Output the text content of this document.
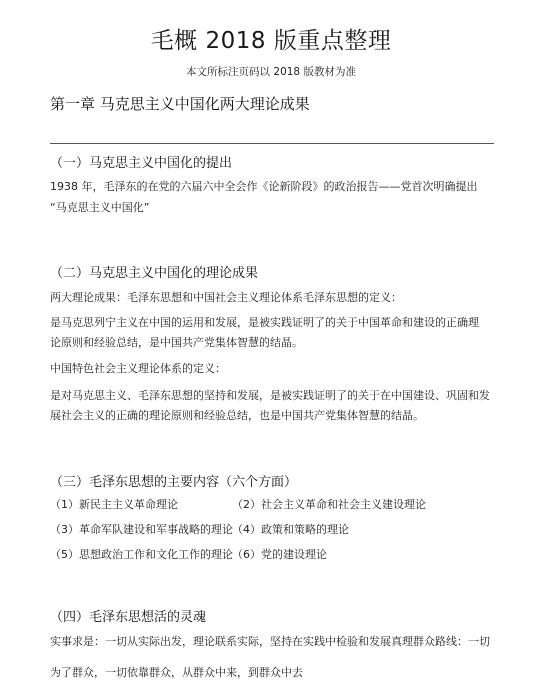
毛概 2018 版重点整理
本文所标注页码以 2018 版教材为准
第一章 马克思主义中国化两大理论成果
（一）马克思主义中国化的提出
1938 年，毛泽东的在党的六届六中全会作《论新阶段》的政治报告——党首次明确提出
“马克思主义中国化”
（二）马克思主义中国化的理论成果
两大理论成果：毛泽东思想和中国社会主义理论体系毛泽东思想的定义：
是马克思列宁主义在中国的运用和发展，是被实践证明了的关于中国革命和建设的正确理
论原则和经验总结，是中国共产党集体智慧的结晶。
中国特色社会主义理论体系的定义：
是对马克思主义、毛泽东思想的坚持和发展，是被实践证明了的关于在中国建设、巩固和发
展社会主义的正确的理论原则和经验总结，也是中国共产党集体智慧的结晶。
（三）毛泽东思想的主要内容（六个方面）
（1）新民主主义革命理论	（2）社会主义革命和社会主义建设理论
（3）革命军队建设和军事战略的理论 （4）政策和策略的理论
（5）思想政治工作和文化工作的理论 （6）党的建设理论
（四）毛泽东思想活的灵魂
实事求是：一切从实际出发，理论联系实际，坚持在实践中检验和发展真理群众路线：一切
为了群众，一切依靠群众，从群众中来，到群众中去
